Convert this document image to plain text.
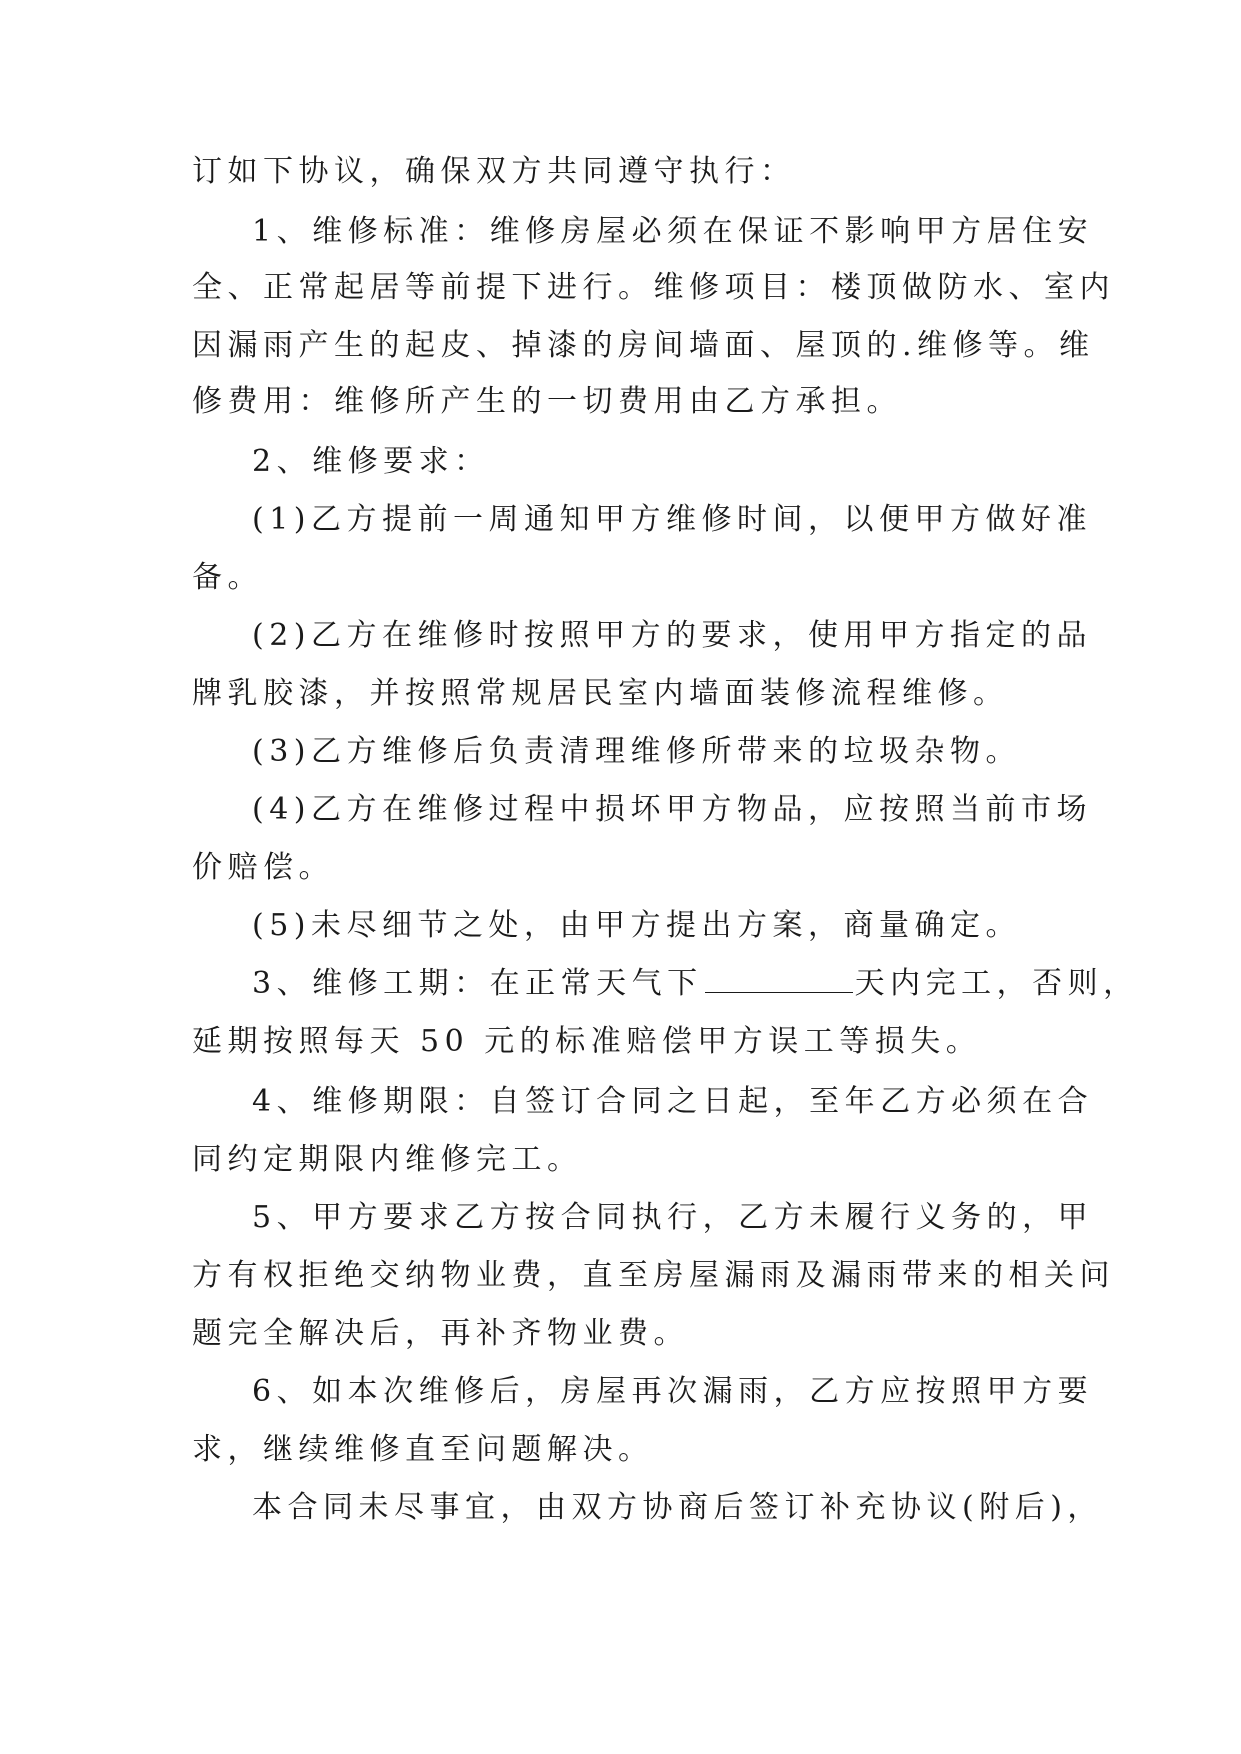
订如下协议，确保双方共同遵守执行：

1、维修标准：维修房屋必须在保证不影响甲方居住安

全、正常起居等前提下进行。维修项目：楼顶做防水、室内

因漏雨产生的起皮、掉漆的房间墙面、屋顶的.维修等。维

修费用：维修所产生的一切费用由乙方承担。

2、维修要求：

(1)乙方提前一周通知甲方维修时间，以便甲方做好准

备。

(2)乙方在维修时按照甲方的要求，使用甲方指定的品

牌乳胶漆，并按照常规居民室内墙面装修流程维修。

(3)乙方维修后负责清理维修所带来的垃圾杂物。

(4)乙方在维修过程中损坏甲方物品，应按照当前市场

价赔偿。

(5)未尽细节之处，由甲方提出方案，商量确定。

3、维修工期：在正常天气下	天内完工，否则，

延期按照每天 50 元的标准赔偿甲方误工等损失。

4、维修期限：自签订合同之日起，至年乙方必须在合

同约定期限内维修完工。

5、甲方要求乙方按合同执行，乙方未履行义务的，甲

方有权拒绝交纳物业费，直至房屋漏雨及漏雨带来的相关问

题完全解决后，再补齐物业费。

6、如本次维修后，房屋再次漏雨，乙方应按照甲方要

求，继续维修直至问题解决。

本合同未尽事宜，由双方协商后签订补充协议(附后)，
